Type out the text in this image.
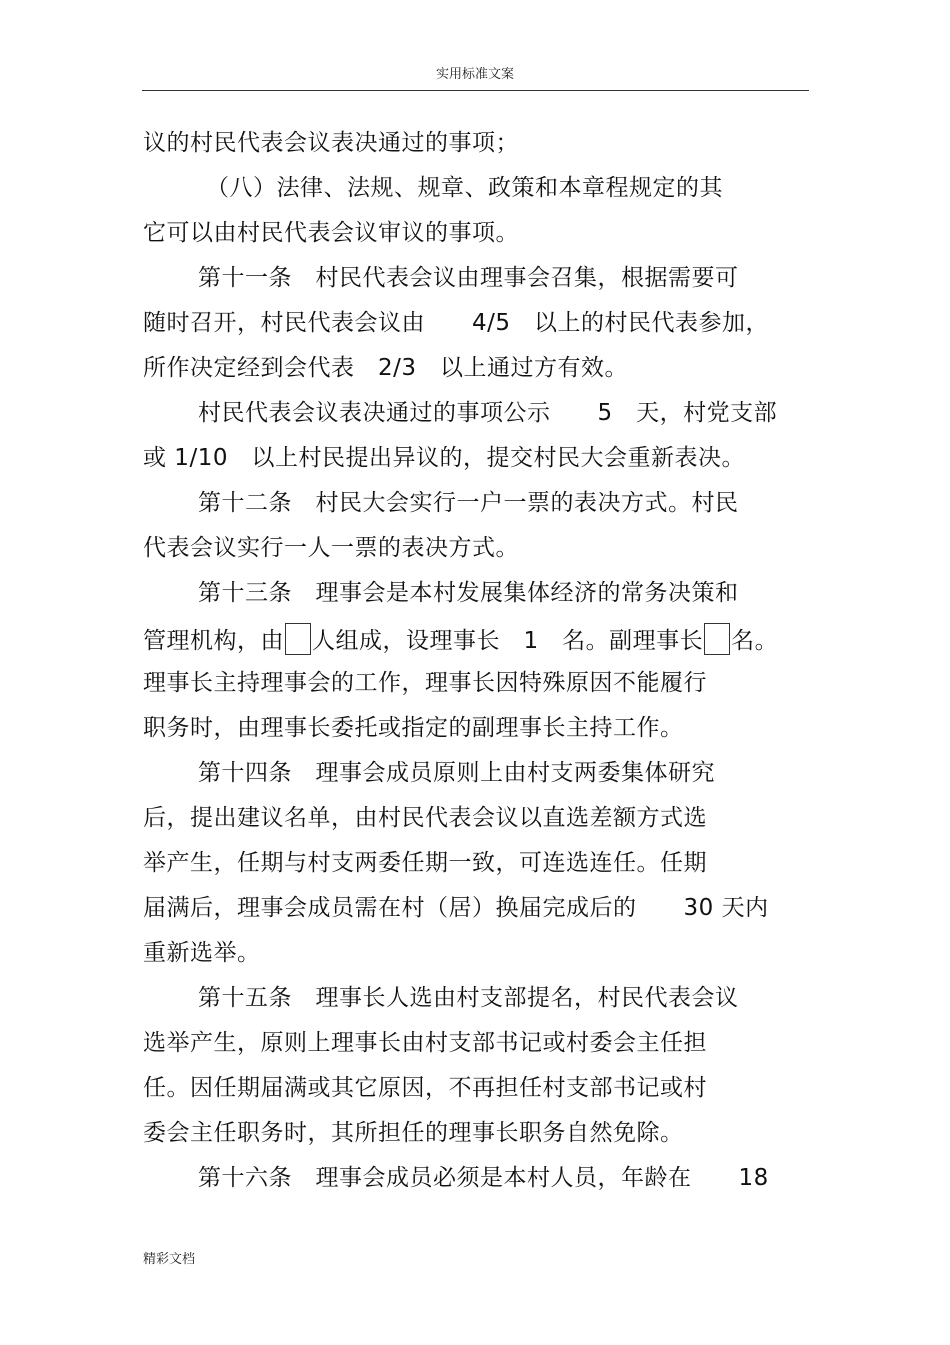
实用标准文案
议的村民代表会议表决通过的事项；
（八）法律、法规、规章、政策和本章程规定的其
它可以由村民代表会议审议的事项。
第十一条　村民代表会议由理事会召集，根据需要可
随时召开，村民代表会议由　　4/5　以上的村民代表参加，
所作决定经到会代表　2/3　以上通过方有效。
村民代表会议表决通过的事项公示　　5　天，村党支部
或 1/10　以上村民提出异议的，提交村民大会重新表决。
第十二条　村民大会实行一户一票的表决方式。村民
代表会议实行一人一票的表决方式。
第十三条　理事会是本村发展集体经济的常务决策和
管理机构，由 人组成，设理事长　1　名。副理事长 名。
理事长主持理事会的工作，理事长因特殊原因不能履行
职务时，由理事长委托或指定的副理事长主持工作。
第十四条　理事会成员原则上由村支两委集体研究
后，提出建议名单，由村民代表会议以直选差额方式选
举产生，任期与村支两委任期一致，可连选连任。任期
届满后，理事会成员需在村（居）换届完成后的　　30 天内
重新选举。
第十五条　理事长人选由村支部提名，村民代表会议
选举产生，原则上理事长由村支部书记或村委会主任担
任。因任期届满或其它原因，不再担任村支部书记或村
委会主任职务时，其所担任的理事长职务自然免除。
第十六条　理事会成员必须是本村人员，年龄在　　18
精彩文档
